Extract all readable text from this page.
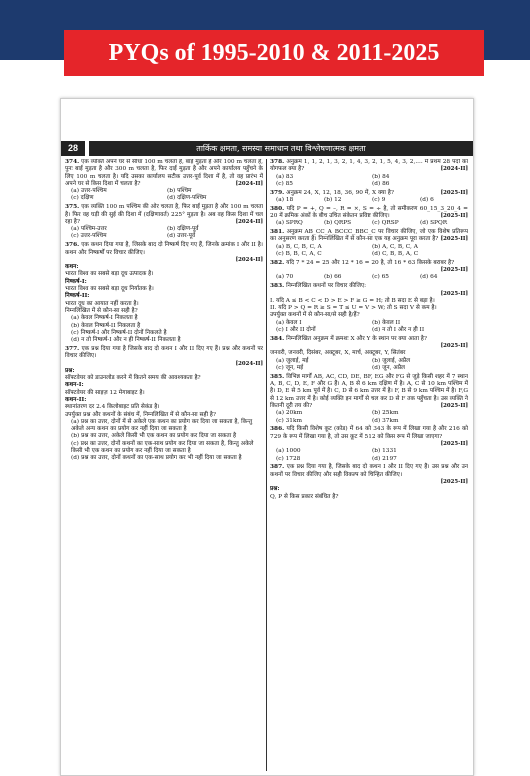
PYQs of 1995-2010 & 2011-2025
28	तार्किक क्षमता, समस्या समाधान तथा विश्लेषणात्मक क्षमता
374. एक व्यक्ति अपने घर से सीधा 100 m चलता है, बाईं मुड़ता है और 100 m चलता है, पुनः बाईं मुड़ता है और 300 m चलता है, फिर दाईं मुड़ता है और अपने कार्यालय पहुँचने के लिए 100 m चलता है। यदि उसका कार्यालय सटीक उत्तर-पूर्व दिशा में है, तो वह प्रारंभ में अपने घर से किस दिशा में चलता है?	[2024-II]
(a) उत्तर-पश्चिम	(b) पश्चिम
(c) दक्षिण	(d) दक्षिण-पश्चिम
375. एक व्यक्ति 100 m पश्चिम की ओर चलता है, फिर बाईं मुड़ता है और 100 m चलता है। फिर वह घड़ी की सुई की दिशा में (दक्षिणावर्त) 225° मुड़ता है। अब वह किस दिशा में चल रहा है?	[2024-II]
(a) पश्चिम-उत्तर	(b) दक्षिण-पूर्व
(c) उत्तर-पश्चिम	(d) उत्तर-पूर्व
376. एक कथन दिया गया है, जिसके बाद दो निष्कर्ष दिए गए हैं, जिनके क्रमांक I और II है। कथन और निष्कर्षों पर विचार कीजिए।
[2024-II]
कथन:
भारत विश्व का सबसे बड़ा दूध उत्पादक है।
निष्कर्ष-I:
भारत विश्व का सबसे बड़ा दूध निर्यातक है।
निष्कर्ष-II:
भारत दूध का आयात नहीं करता है।
निम्नलिखित में से कौन-सा सही है?
(a) केवल निष्कर्ष-I निकलता है
(b) केवल निष्कर्ष-II निकलता है
(c) निष्कर्ष-I और निष्कर्ष-II दोनों निकलते है
(d) न तो निष्कर्ष-I और न ही निष्कर्ष-II निकलता है
377. एक प्रश्न दिया गया है जिसके बाद दो कथन I और II दिए गए हैं। प्रश्न और कथनों पर विचार कीजिए।
[2024-II]
प्रश्न:
सॉफ्टवेयर को डाउनलोड करने में कितने समय की आवश्यकता है?
कथन-I:
सॉफ्टवेयर की साइज़ 12 मेगाबाइट है।
कथन-II:
स्थानांतरण दर 2.4 किलोबाइट प्रति सेकंड है।
उपर्युक्त प्रश्न और कथनों के संबंध में, निम्नलिखित में से कौन-सा सही है?
(a) प्रश्न का उत्तर, दोनों में से अकेले एक कथन का प्रयोग कर दिया जा सकता है, किन्तु अकेले अन्य कथन का प्रयोग कर नहीं दिया जा सकता है
(b) प्रश्न का उत्तर, अकेले किसी भी एक कथन का प्रयोग कर दिया जा सकता है
(c) प्रश्न का उत्तर, दोनों कथनों का एक-साथ प्रयोग कर दिया जा सकता है, किन्तु अकेले किसी भी एक कथन का प्रयोग कर नहीं दिया जा सकता है
(d) प्रश्न का उत्तर, दोनों कथनों का एक-साथ प्रयोग कर भी नहीं दिया जा सकता है
378. अनुक्रम 1, 1, 2, 1, 3, 2, 1, 4, 3, 2, 1, 5, 4, 3, 2,.... में प्रथम 28 पदों का योगफल क्या है?	[2024-II]
(a) 83	(b) 84
(c) 85	(d) 86
379. अनुक्रम 24, X, 12, 18, 36, 90 में, X क्या है?	[2025-II]
(a) 18	(b) 12	(c) 9	(d) 6
380. यदि P = +, Q = –, R = ×, S = ÷ है, तो समीकरण 60_15_3_20_4 = 20 में क्रमिक अंकों के बीच उचित संकेतन प्रविष्ट कीजिए।	[2025-II]
(a) SPRQ	(b) QRPS	(c) QRSP	(d) SPQR
381. अनुक्रम AB_CC_A_BCCC_BBC_C पर विचार कीजिए, जो एक विशेष प्रतिरूप का अनुसरण करता है। निम्नलिखित में से कौन-सा एक यह अनुक्रम पूरा करता है? [2025-II]
(a) B, C, B, C, A	(b) A, C, B, C, A
(c) B, B, C, A, C	(d) C, B, B, A, C
382. यदि 7 * 24 = 25 और 12 * 16 = 20 है, तो 16 * 63 किसके बराबर है?
[2025-II]
(a) 70	(b) 66	(c) 65	(d) 64
383. निम्नलिखित कथनों पर विचार कीजिए:
[2025-II]
I. यदि A ≤ B < C < D > E > F ≥ G = H; तो B सदा E से बड़ा है।
II. यदि P > Q = R ≥ S = T ≤ U = V > W; तो S सदा V से कम है।
उपर्युक्त कथनों में से कौन-सा/से सही है/हैं?
(a) केवल I	(b) केवल II
(c) I और II दोनों	(d) न तो I और न ही II
384. निम्नलिखित अनुक्रम में क्रमशः X और Y के स्थान पर क्या आता है?
[2025-II]
जनवरी, जनवरी, दिसंबर, अक्टूबर, X, मार्च, अक्टूबर, Y, सितंबर
(a) जुलाई, मई	(b) जुलाई, अप्रैल
(c) जून, मई	(d) जून, अप्रैल
385. विभिन्न मार्गों AB, AC, CD, DE, BF, EG और FG से जुड़े किसी शहर में 7 स्थान A, B, C, D, E, F और G हैं। A, B से 6 km दक्षिण में है। A, C से 10 km पश्चिम में है। D, E से 5 km पूर्व में है। C, D से 6 km उत्तर में है। F, B से 9 km पश्चिम में है। F,G से 12 km उत्तर में है। कोई व्यक्ति इन मार्गों से चल कर D से F तक पहुँचता है। उस व्यक्ति ने कितनी दूरी तय की?	[2025-II]
(a) 20km	(b) 25km
(c) 31km	(d) 37km
386. यदि किसी विशेष कूट (कोड) में 64 को 343 के रूप में लिखा गया है और 216 को 729 के रूप में लिखा गया है, तो उस कूट में 512 को किस रूप में लिखा जाएगा?
[2025-II]
(a) 1000	(b) 1331
(c) 1728	(d) 2197
387. एक प्रश्न दिया गया है, जिसके बाद दो कथन I और II दिए गए हैं। उस प्रश्न और उन कथनों पर विचार कीजिए और सही विकल्प को चिन्हित कीजिए।
[2025-II]
प्रश्न:
Q, P से किस प्रकार संबंधित है?
